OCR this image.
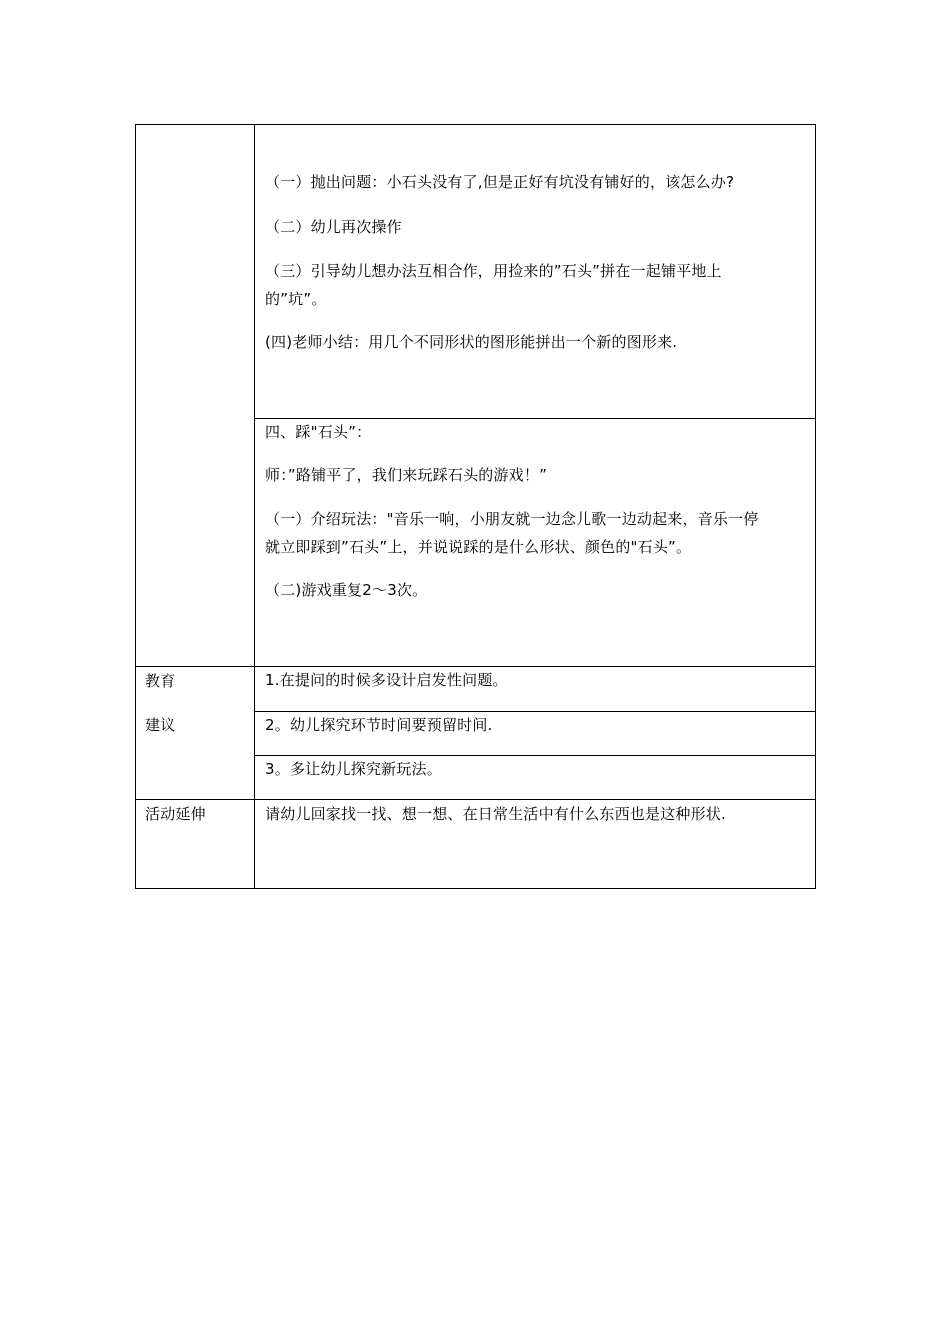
（一）抛出问题：小石头没有了,但是正好有坑没有铺好的，该怎么办?
（二）幼儿再次操作
（三）引导幼儿想办法互相合作，用捡来的”石头”拼在一起铺平地上
的”坑”。
(四)老师小结：用几个不同形状的图形能拼出一个新的图形来.
四、踩"石头”：
师：”路铺平了，我们来玩踩石头的游戏！”
（一）介绍玩法："音乐一响，小朋友就一边念儿歌一边动起来，音乐一停
就立即踩到”石头”上，并说说踩的是什么形状、颜色的"石头”。
（二)游戏重复2～3次。
教育
建议
1.在提问的时候多设计启发性问题。
2。幼儿探究环节时间要预留时间.
3。多让幼儿探究新玩法。
活动延伸	请幼儿回家找一找、想一想、在日常生活中有什么东西也是这种形状.
